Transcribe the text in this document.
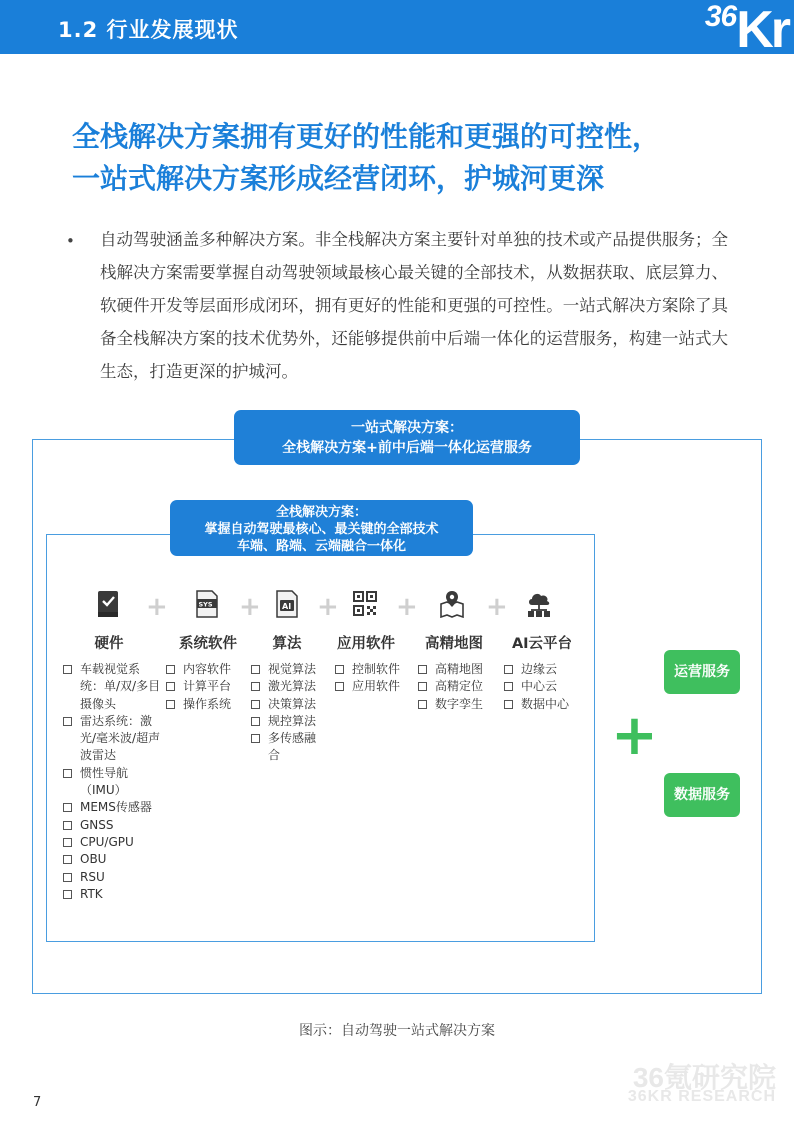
1.2 行业发展现状	36 Kr
全栈解决方案拥有更好的性能和更强的可控性，
一站式解决方案形成经营闭环，护城河更深
• 自动驾驶涵盖多种解决方案。非全栈解决方案主要针对单独的技术或产品提供服务；全栈解决方案需要掌握自动驾驶领域最核心最关键的全部技术，从数据获取、底层算力、软硬件开发等层面形成闭环，拥有更好的性能和更强的可控性。一站式解决方案除了具备全栈解决方案的技术优势外，还能够提供前中后端一体化的运营服务，构建一站式大生态，打造更深的护城河。
一站式解决方案：
全栈解决方案+前中后端一体化运营服务
全栈解决方案：
掌握自动驾驶最核心、最关键的全部技术
车端、路端、云端融合一体化
SYS	AI
+	+ + +	+
硬件	系统软件	算法	应用软件	高精地图	AI云平台
车载视觉系统：单/双/多目摄像头
雷达系统：激光/毫米波/超声波雷达
惯性导航（IMU）
MEMS传感器
GNSS
CPU/GPU
OBU
RSU
RTK
内容软件
计算平台
操作系统
视觉算法
激光算法
决策算法
规控算法
多传感融合
控制软件
应用软件
高精地图
高精定位
数字孪生
边缘云
中心云
数据中心
运营服务
+
数据服务
图示：自动驾驶一站式解决方案
36氪研究院
36KR RESEARCH
7
